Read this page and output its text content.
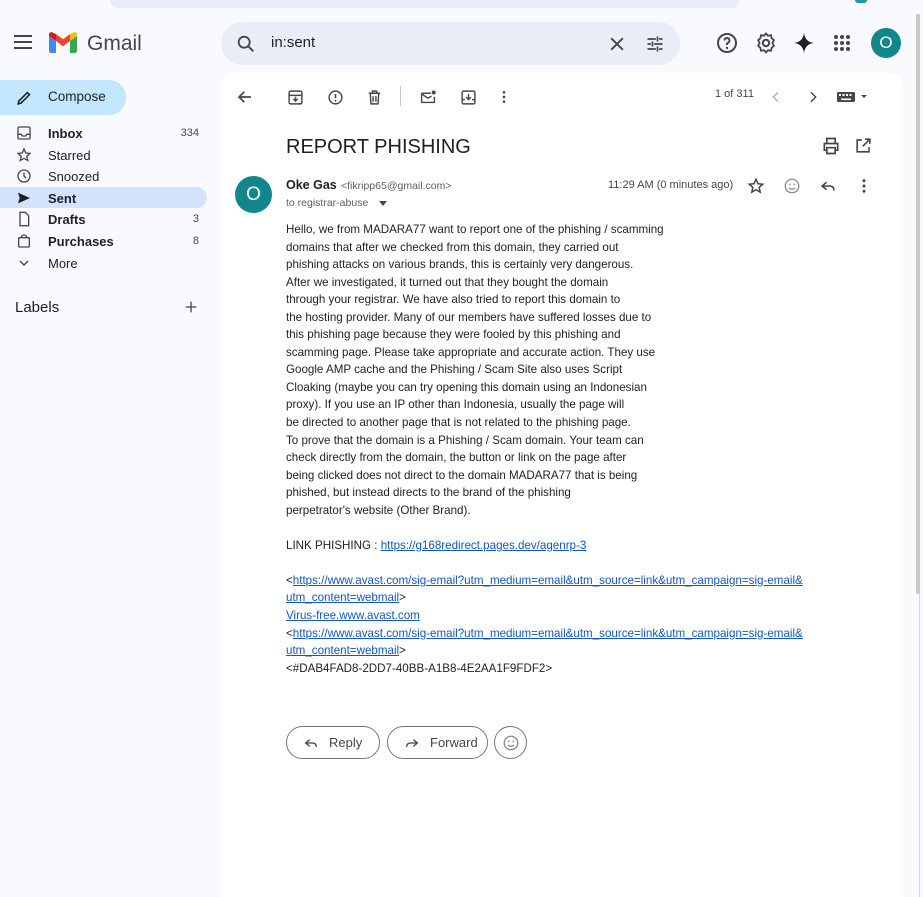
Gmail	in:sent	O
Compose
Inbox	334
Starred
Snoozed
Sent
Drafts	3
Purchases	8
More
Labels
1 of 311
REPORT PHISHING
O	Oke Gas <fikripp65@gmail.com>
to registrar-abuse
11:29 AM (0 minutes ago)

Hello, we from MADARA77 want to report one of the phishing / scamming

domains that after we checked from this domain, they carried out

phishing attacks on various brands, this is certainly very dangerous.

After we investigated, it turned out that they bought the domain

through your registrar. We have also tried to report this domain to

the hosting provider. Many of our members have suffered losses due to

this phishing page because they were fooled by this phishing and

scamming page. Please take appropriate and accurate action. They use

Google AMP cache and the Phishing / Scam Site also uses Script

Cloaking (maybe you can try opening this domain using an Indonesian

proxy). If you use an IP other than Indonesia, usually the page will

be directed to another page that is not related to the phishing page.

To prove that the domain is a Phishing / Scam domain. Your team can

check directly from the domain, the button or link on the page after

being clicked does not direct to the domain MADARA77 that is being

phished, but instead directs to the brand of the phishing

perpetrator's website (Other Brand).

LINK PHISHING : https://g168redirect.pages.dev/agenrp-3

<https://www.avast.com/sig-email?utm_medium=email&utm_source=link&utm_campaign=sig-email&

utm_content=webmail>

Virus-free.www.avast.com

<https://www.avast.com/sig-email?utm_medium=email&utm_source=link&utm_campaign=sig-email&

utm_content=webmail>

<#DAB4FAD8-2DD7-40BB-A1B8-4E2AA1F9FDF2>

Reply	Forward
